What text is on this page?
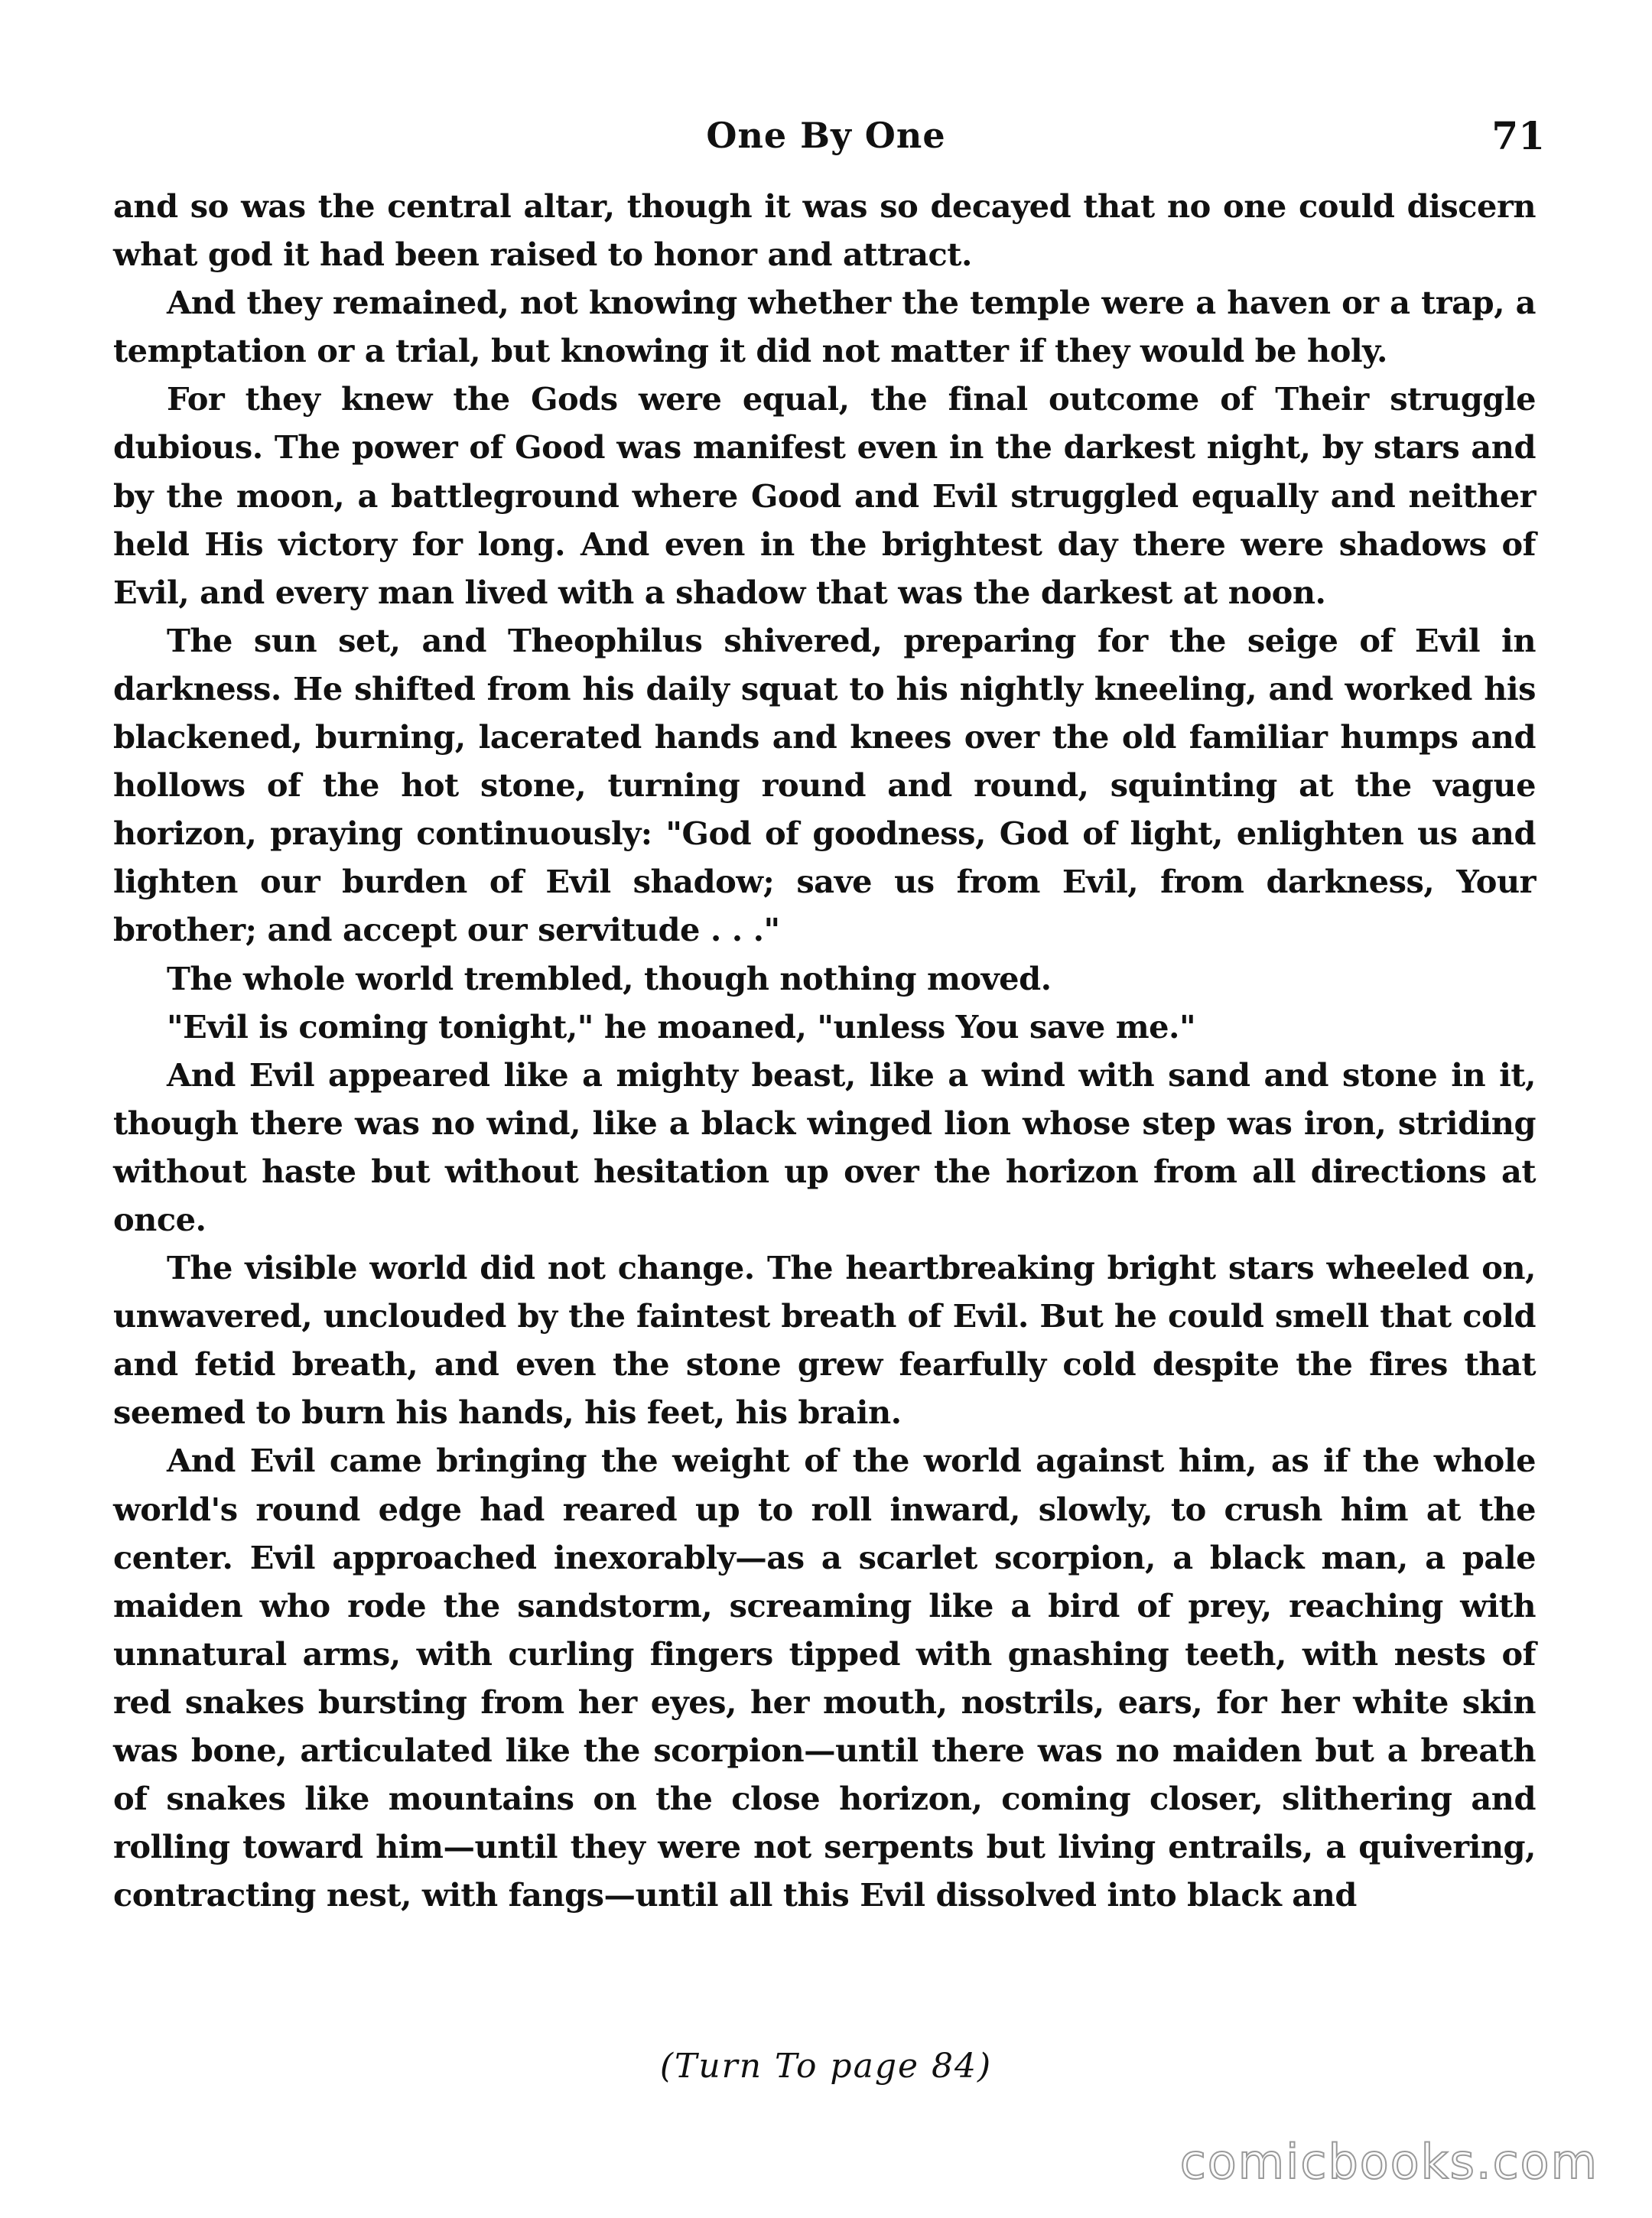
One By One	71

and so was the central altar, though it was so decayed that no one could discern what god it had been raised to honor and attract.

And they remained, not knowing whether the temple were a haven or a trap, a temptation or a trial, but knowing it did not matter if they would be holy.

For they knew the Gods were equal, the final outcome of Their struggle dubious. The power of Good was manifest even in the darkest night, by stars and by the moon, a battleground where Good and Evil struggled equally and neither held His victory for long. And even in the brightest day there were shadows of Evil, and every man lived with a shadow that was the darkest at noon.

The sun set, and Theophilus shivered, preparing for the seige of Evil in darkness. He shifted from his daily squat to his nightly kneeling, and worked his blackened, burning, lacerated hands and knees over the old familiar humps and hollows of the hot stone, turning round and round, squinting at the vague horizon, praying continuously: "God of goodness, God of light, enlighten us and lighten our burden of Evil shadow; save us from Evil, from darkness, Your brother; and accept our servitude . . ."

The whole world trembled, though nothing moved.

"Evil is coming tonight," he moaned, "unless You save me."

And Evil appeared like a mighty beast, like a wind with sand and stone in it, though there was no wind, like a black winged lion whose step was iron, striding without haste but without hesitation up over the horizon from all directions at once.

The visible world did not change. The heartbreaking bright stars wheeled on, unwavered, unclouded by the faintest breath of Evil. But he could smell that cold and fetid breath, and even the stone grew fearfully cold despite the fires that seemed to burn his hands, his feet, his brain.

And Evil came bringing the weight of the world against him, as if the whole world's round edge had reared up to roll inward, slowly, to crush him at the center. Evil approached inexorably—as a scarlet scorpion, a black man, a pale maiden who rode the sandstorm, screaming like a bird of prey, reaching with unnatural arms, with curling fingers tipped with gnashing teeth, with nests of red snakes bursting from her eyes, her mouth, nostrils, ears, for her white skin was bone, articulated like the scorpion—until there was no maiden but a breath of snakes like mountains on the close horizon, coming closer, slithering and rolling toward him—until they were not serpents but living entrails, a quivering, contracting nest, with fangs—until all this Evil dissolved into black and

(Turn To page 84)
comicbooks.com
